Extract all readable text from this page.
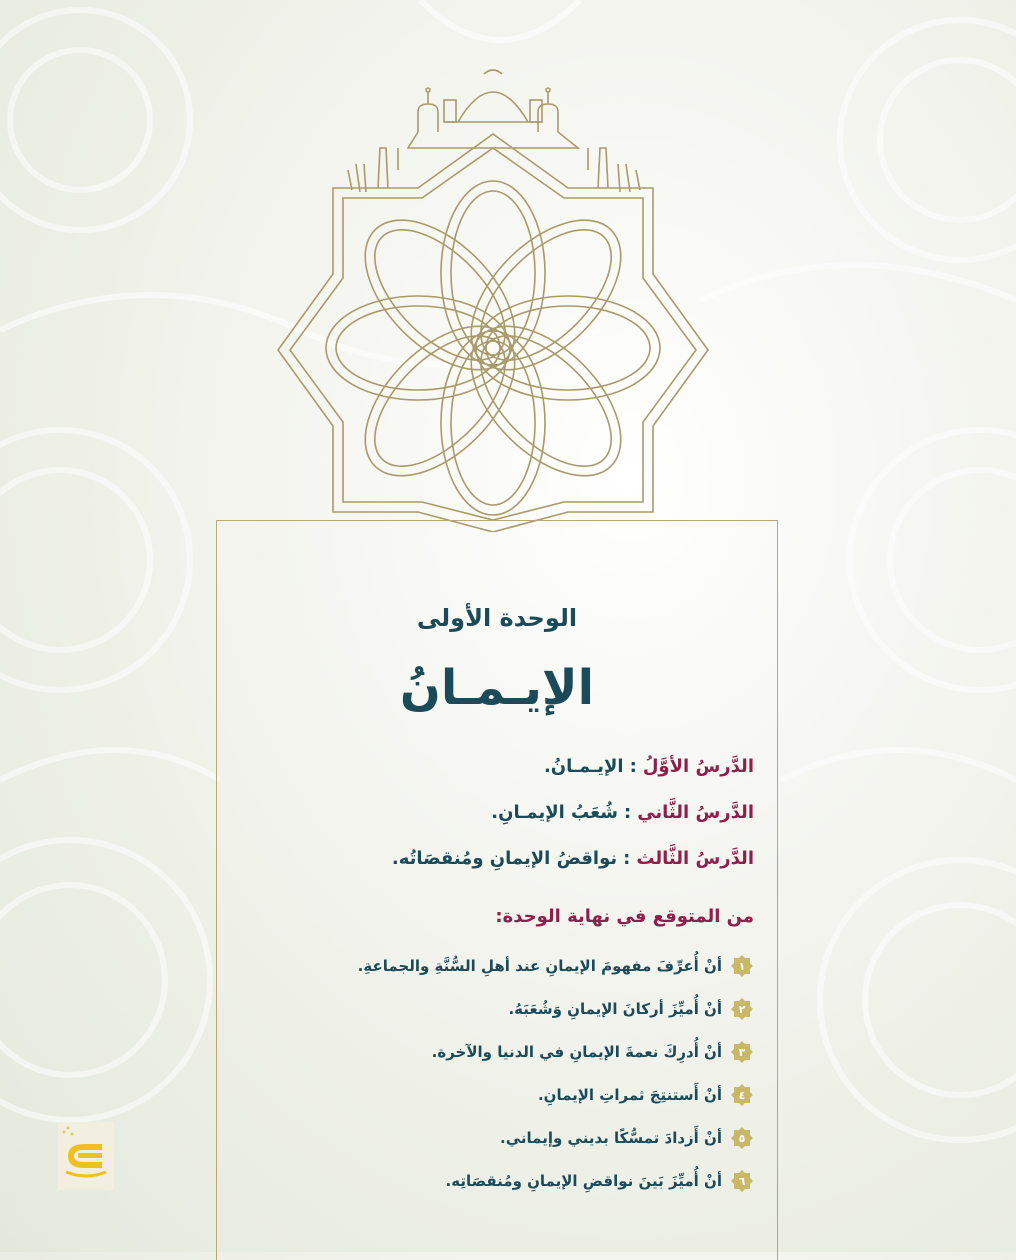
الوحدة الأولى
الإيـمـانُ
الدَّرسُ الأوَّلُ:الإيـمـانُ.
الدَّرسُ الثَّاني:شُعَبُ الإيمـانِ.
الدَّرسُ الثَّالث:نواقضُ الإيمانِ ومُنقصَاتُه.
من المتوقع في نهاية الوحدة:
١
أنْ أُعرِّفَ مفهومَ الإيمانِ عند أهلِ السُّنَّةِ والجماعةِ.
٢
أنْ أُميِّزَ أركانَ الإيمانِ وَشُعَبَهُ.
٣
أنْ أُدرِكَ نعمةَ الإيمانِ في الدنيا والآخرة.
٤
أنْ أَستنتِجَ ثمراتِ الإيمانِ.
٥
أنْ أَزدادَ تمسُّكًا بديني وإيماني.
٦
أنْ أُميِّزَ بَينَ نواقضِ الإيمانِ ومُنقصَاتِه.
